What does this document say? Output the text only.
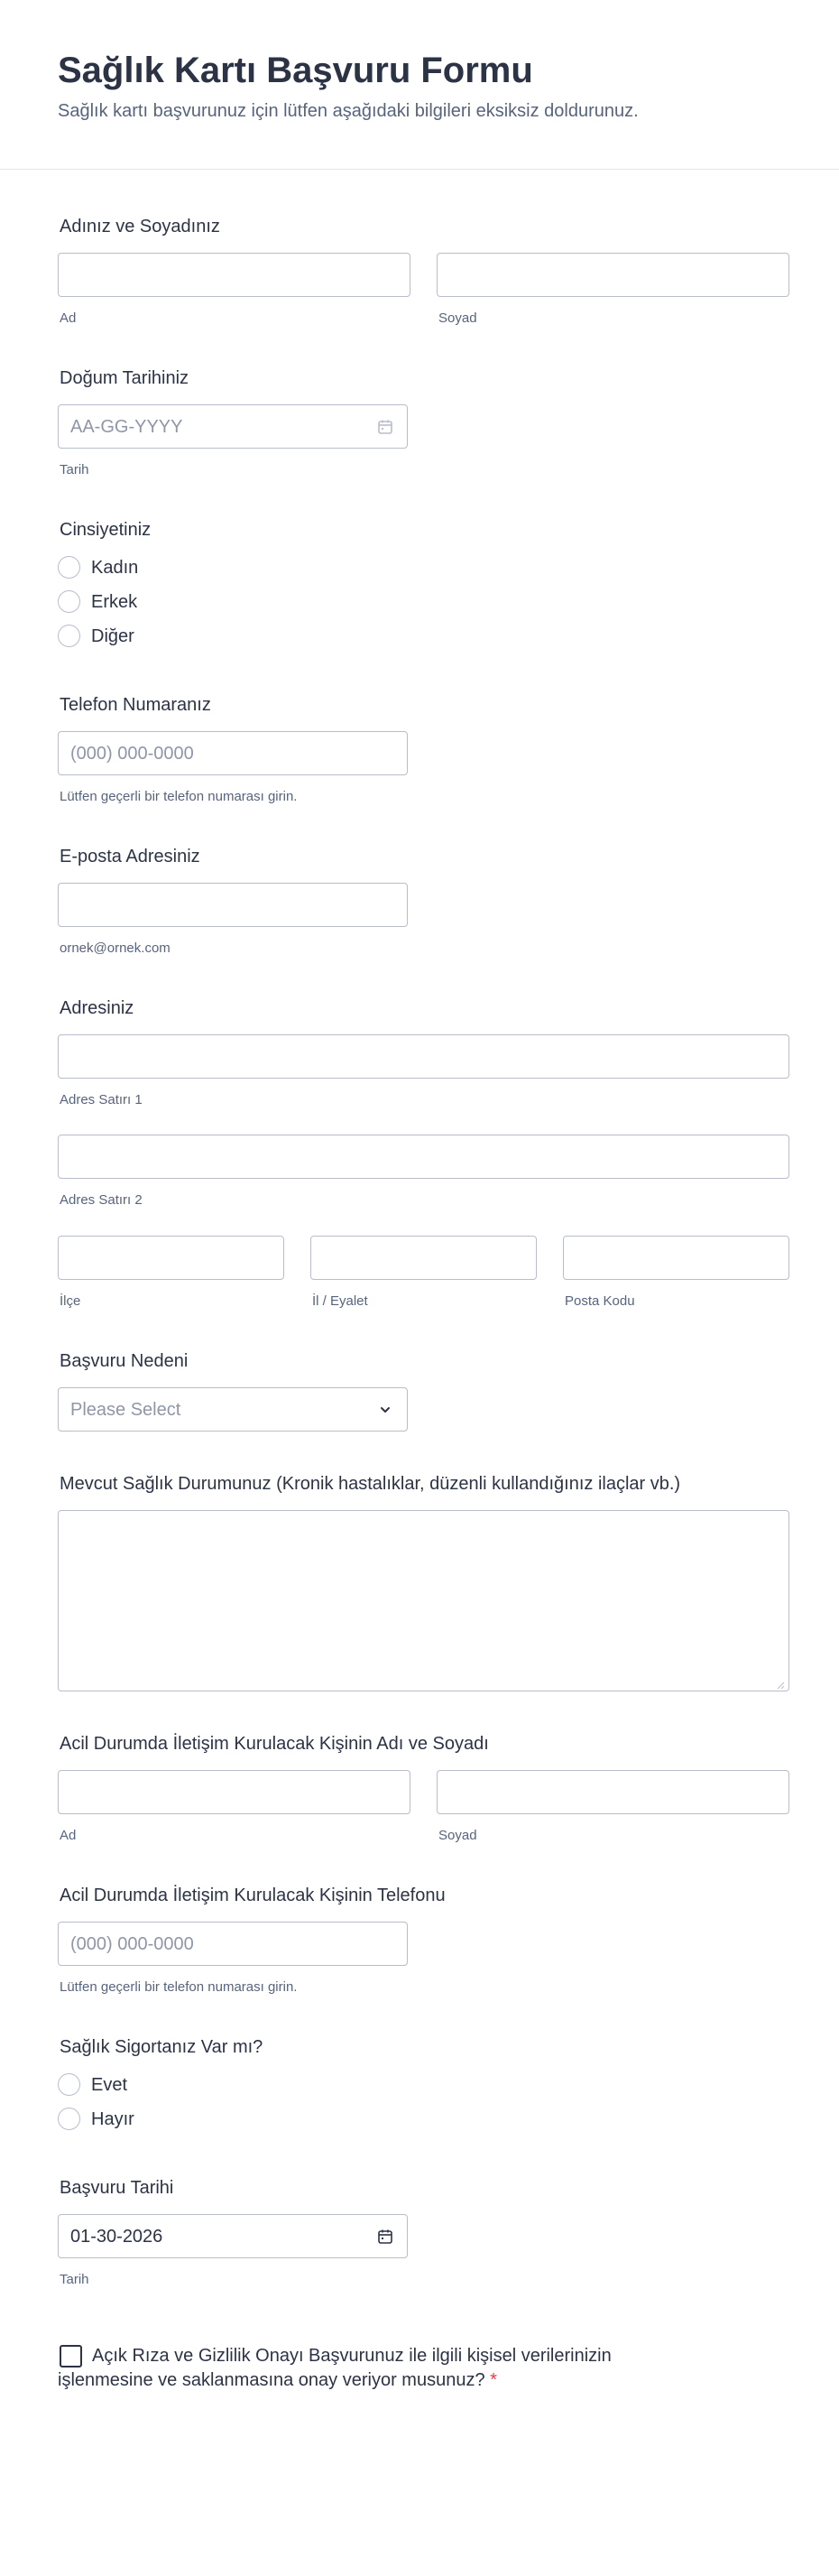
Sağlık Kartı Başvuru Formu
Sağlık kartı başvurunuz için lütfen aşağıdaki bilgileri eksiksiz doldurunuz.
Adınız ve Soyadınız
Ad	Soyad
Doğum Tarihiniz
AA-GG-YYYY
Tarih
Cinsiyetiniz
Kadın
Erkek
Diğer
Telefon Numaranız
(000) 000-0000
Lütfen geçerli bir telefon numarası girin.
E-posta Adresiniz
ornek@ornek.com
Adresiniz
Adres Satırı 1
Adres Satırı 2
İlçe	İl / Eyalet	Posta Kodu
Başvuru Nedeni
Please Select
Mevcut Sağlık Durumunuz (Kronik hastalıklar, düzenli kullandığınız ilaçlar vb.)
Acil Durumda İletişim Kurulacak Kişinin Adı ve Soyadı
Ad	Soyad
Acil Durumda İletişim Kurulacak Kişinin Telefonu
(000) 000-0000
Lütfen geçerli bir telefon numarası girin.
Sağlık Sigortanız Var mı?
Evet
Hayır
Başvuru Tarihi
01-30-2026
Tarih
Açık Rıza ve Gizlilik Onayı Başvurunuz ile ilgili kişisel verilerinizin işlenmesine ve saklanmasına onay veriyor musunuz? *
